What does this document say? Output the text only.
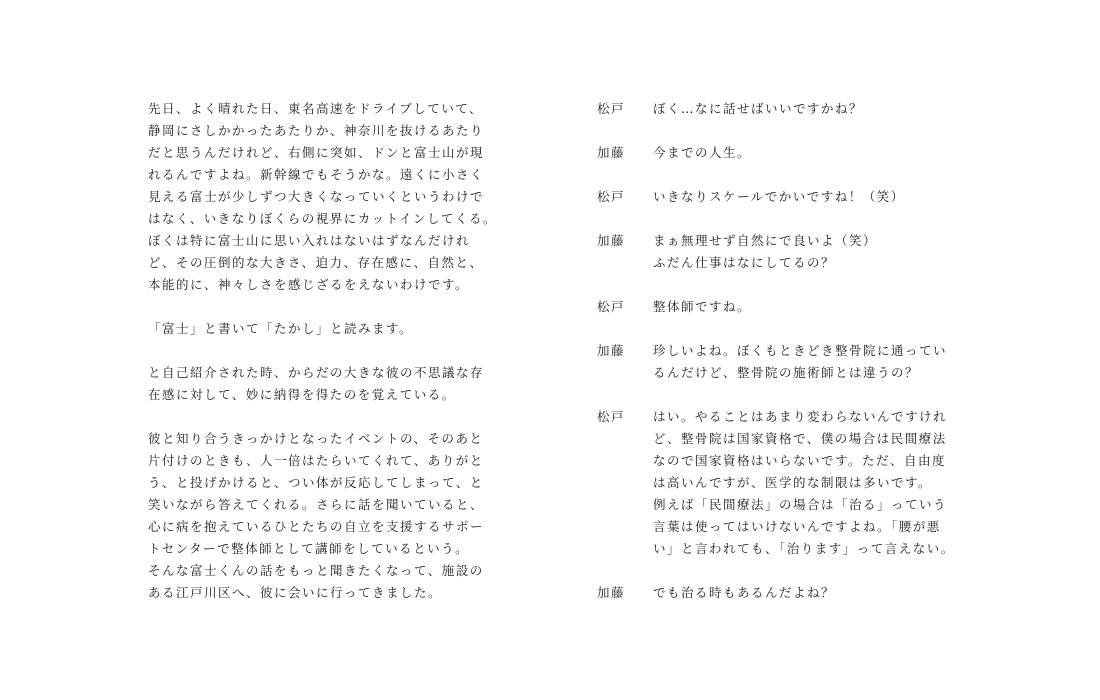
先日、よく晴れた日、東名高速をドライブしていて、
静岡にさしかかったあたりか、神奈川を抜けるあたり
だと思うんだけれど、右側に突如、ドンと富士山が現
れるんですよね。新幹線でもそうかな。遠くに小さく
見える富士が少しずつ大きくなっていくというわけで
はなく、いきなりぼくらの視界にカットインしてくる。
ぼくは特に富士山に思い入れはないはずなんだけれ
ど、その圧倒的な大きさ、迫力、存在感に、自然と、
本能的に、神々しさを感じざるをえないわけです。
「富士」と書いて「たかし」と読みます。
と自己紹介された時、からだの大きな彼の不思議な存
在感に対して、妙に納得を得たのを覚えている。
彼と知り合うきっかけとなったイベントの、そのあと
片付けのときも、人一倍はたらいてくれて、ありがと
う、と投げかけると、つい体が反応してしまって、と
笑いながら答えてくれる。さらに話を聞いていると、
心に病を抱えているひとたちの自立を支援するサポー
トセンターで整体師として講師をしているという。
そんな富士くんの話をもっと聞きたくなって、施設の
ある江戸川区へ、彼に会いに行ってきました。
松戸	ぼく…なに話せばいいですかね？
加藤	今までの人生。
松戸	いきなりスケールでかいですね！（笑）
加藤	まぁ無理せず自然にで良いよ（笑）
ふだん仕事はなにしてるの？
松戸	整体師ですね。
加藤	珍しいよね。ぼくもときどき整骨院に通ってい
るんだけど、整骨院の施術師とは違うの？
松戸	はい。やることはあまり変わらないんですけれ
ど、整骨院は国家資格で、僕の場合は民間療法
なので国家資格はいらないです。ただ、自由度
は高いんですが、医学的な制限は多いです。
例えば「民間療法」の場合は「治る」っていう
言葉は使ってはいけないんですよね。「腰が悪
い」と言われても、「治ります」って言えない。
加藤	でも治る時もあるんだよね？
